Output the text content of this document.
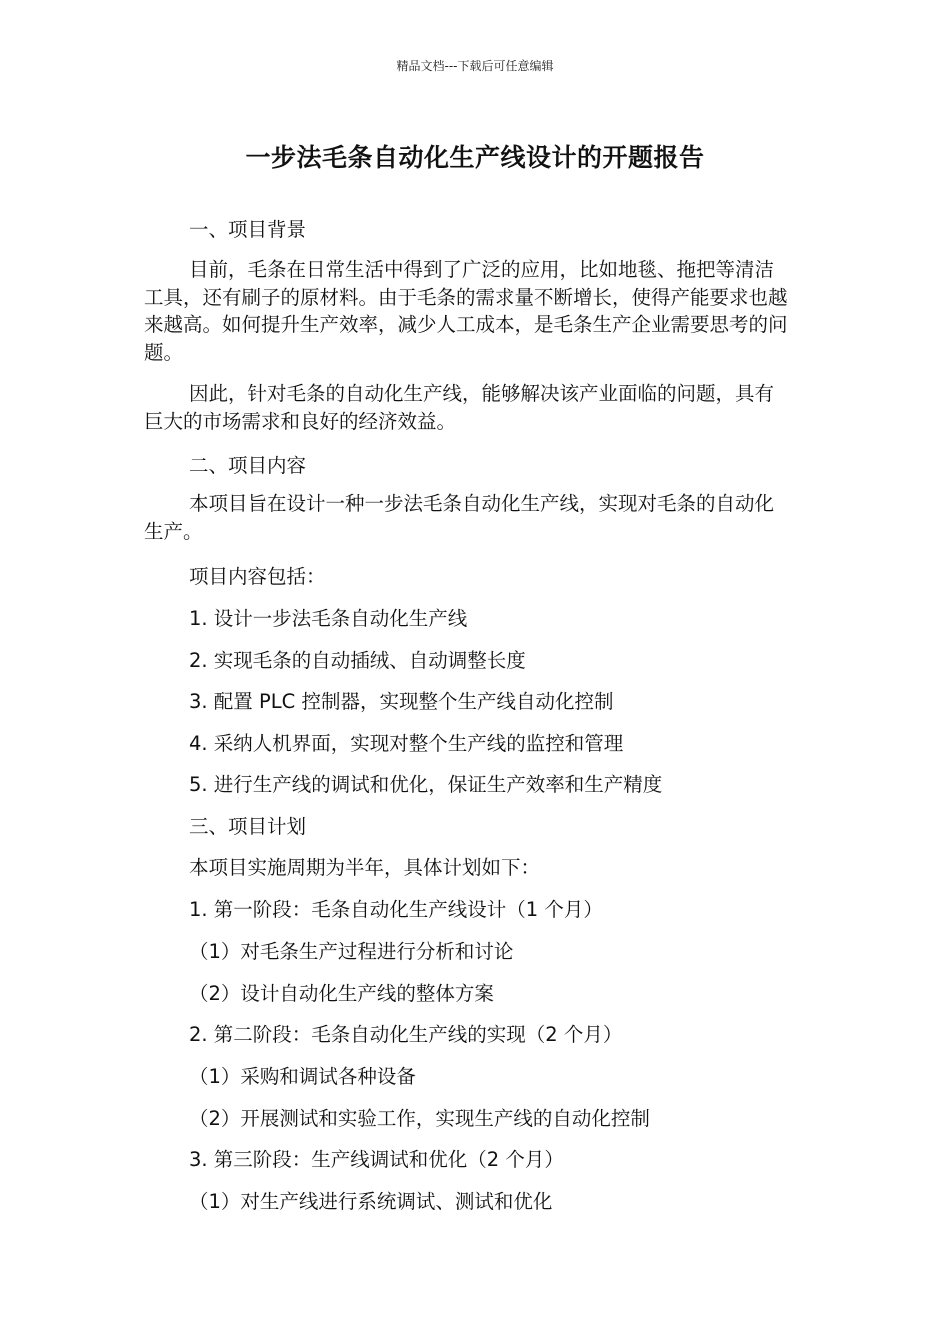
精品文档---下载后可任意编辑
一步法毛条自动化生产线设计的开题报告
一、项目背景

目前，毛条在日常生活中得到了广泛的应用，比如地毯、拖把等清洁工具，还有刷子的原材料。由于毛条的需求量不断增长，使得产能要求也越来越高。如何提升生产效率，减少人工成本，是毛条生产企业需要思考的问题。

因此，针对毛条的自动化生产线，能够解决该产业面临的问题，具有巨大的市场需求和良好的经济效益。

二、项目内容

本项目旨在设计一种一步法毛条自动化生产线，实现对毛条的自动化生产。

项目内容包括：
1. 设计一步法毛条自动化生产线
2. 实现毛条的自动插绒、自动调整长度
3. 配置 PLC 控制器，实现整个生产线自动化控制
4. 采纳人机界面，实现对整个生产线的监控和管理
5. 进行生产线的调试和优化，保证生产效率和生产精度
三、项目计划
本项目实施周期为半年，具体计划如下：
1. 第一阶段：毛条自动化生产线设计（1 个月）
（1）对毛条生产过程进行分析和讨论
（2）设计自动化生产线的整体方案
2. 第二阶段：毛条自动化生产线的实现（2 个月）
（1）采购和调试各种设备
（2）开展测试和实验工作，实现生产线的自动化控制
3. 第三阶段：生产线调试和优化（2 个月）
（1）对生产线进行系统调试、测试和优化
